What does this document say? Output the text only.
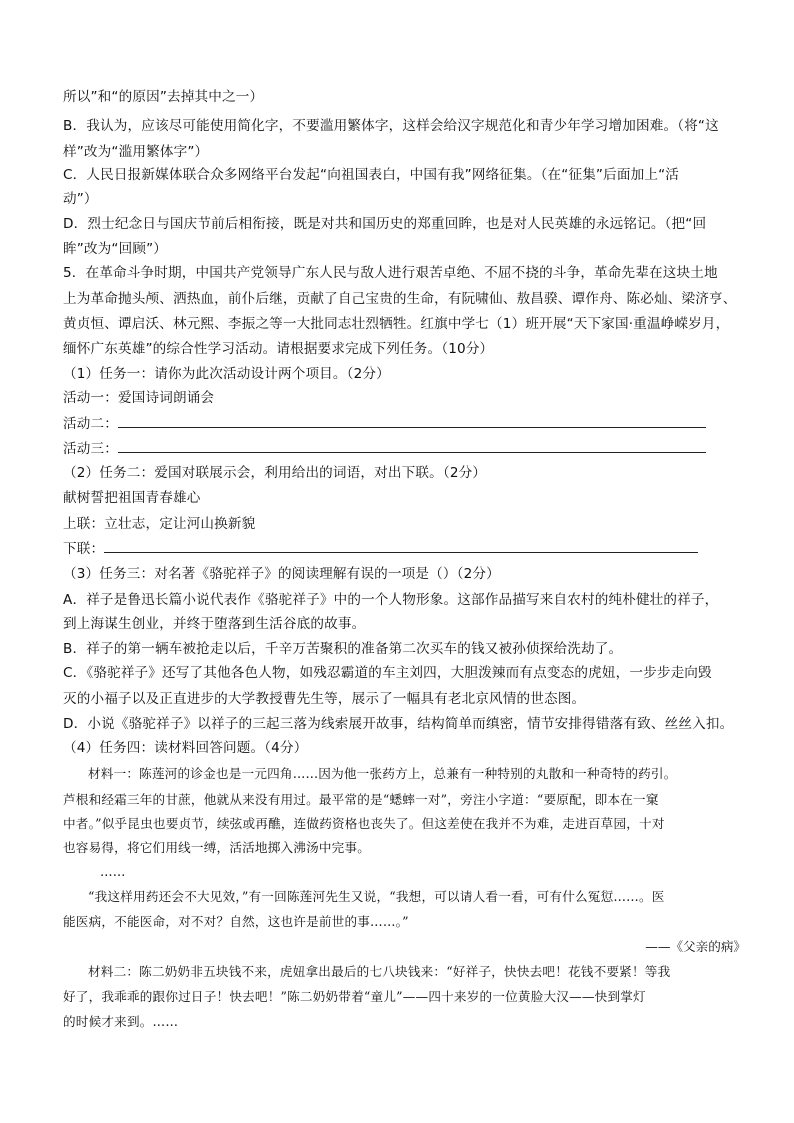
所以”和“的原因”去掉其中之一）
B．我认为，应该尽可能使用简化字，不要滥用繁体字，这样会给汉字规范化和青少年学习增加困难。（将“这
样”改为“滥用繁体字”）
C．人民日报新媒体联合众多网络平台发起“向祖国表白，中国有我”网络征集。（在“征集”后面加上“活
动”）
D．烈士纪念日与国庆节前后相衔接，既是对共和国历史的郑重回眸，也是对人民英雄的永远铭记。（把“回
眸”改为“回顾”）
5．在革命斗争时期，中国共产党领导广东人民与敌人进行艰苦卓绝、不屈不挠的斗争，革命先辈在这块土地
上为革命抛头颅、洒热血，前仆后继，贡献了自己宝贵的生命，有阮啸仙、敖昌骙、谭作舟、陈必灿、梁济亨、
黄贞恒、谭启沃、林元熙、李振之等一大批同志壮烈牺牲。红旗中学七（1）班开展“天下家国·重温峥嵘岁月，
缅怀广东英雄”的综合性学习活动。请根据要求完成下列任务。（10分）
（1）任务一：请你为此次活动设计两个项目。（2分）
活动一：爱国诗词朗诵会
活动二：
活动三：
（2）任务二：爱国对联展示会，利用给出的词语，对出下联。（2分）
献树誓把祖国青春雄心
上联：立壮志，定让河山换新貌
下联：
（3）任务三：对名著《骆驼祥子》的阅读理解有误的一项是（）（2分）
A．祥子是鲁迅长篇小说代表作《骆驼祥子》中的一个人物形象。这部作品描写来自农村的纯朴健壮的祥子，
到上海谋生创业，并终于堕落到生活谷底的故事。
B．祥子的第一辆车被抢走以后，千辛万苦聚积的准备第二次买车的钱又被孙侦探给洗劫了。
C．《骆驼祥子》还写了其他各色人物，如残忍霸道的车主刘四，大胆泼辣而有点变态的虎妞，一步步走向毁
灭的小福子以及正直进步的大学教授曹先生等，展示了一幅具有老北京风情的世态图。
D．小说《骆驼祥子》以祥子的三起三落为线索展开故事，结构简单而缜密，情节安排得错落有致、丝丝入扣。
（4）任务四：读材料回答问题。（4分）
材料一：陈莲河的诊金也是一元四角……因为他一张药方上，总兼有一种特别的丸散和一种奇特的药引。
芦根和经霜三年的甘蔗，他就从来没有用过。最平常的是“蟋蟀一对”，旁注小字道：“要原配，即本在一窠
中者。”似乎昆虫也要贞节，续弦或再醮，连做药资格也丧失了。但这差使在我并不为难，走进百草园，十对
也容易得，将它们用线一缚，活活地掷入沸汤中完事。
……
“我这样用药还会不大见效，”有一回陈莲河先生又说，“我想，可以请人看一看，可有什么冤愆……。医
能医病，不能医命，对不对？自然，这也许是前世的事……。”
——《父亲的病》
材料二：陈二奶奶非五块钱不来，虎妞拿出最后的七八块钱来：“好祥子，快快去吧！花钱不要紧！等我
好了，我乖乖的跟你过日子！快去吧！”陈二奶奶带着“童儿”——四十来岁的一位黄脸大汉——快到掌灯
的时候才来到。……
